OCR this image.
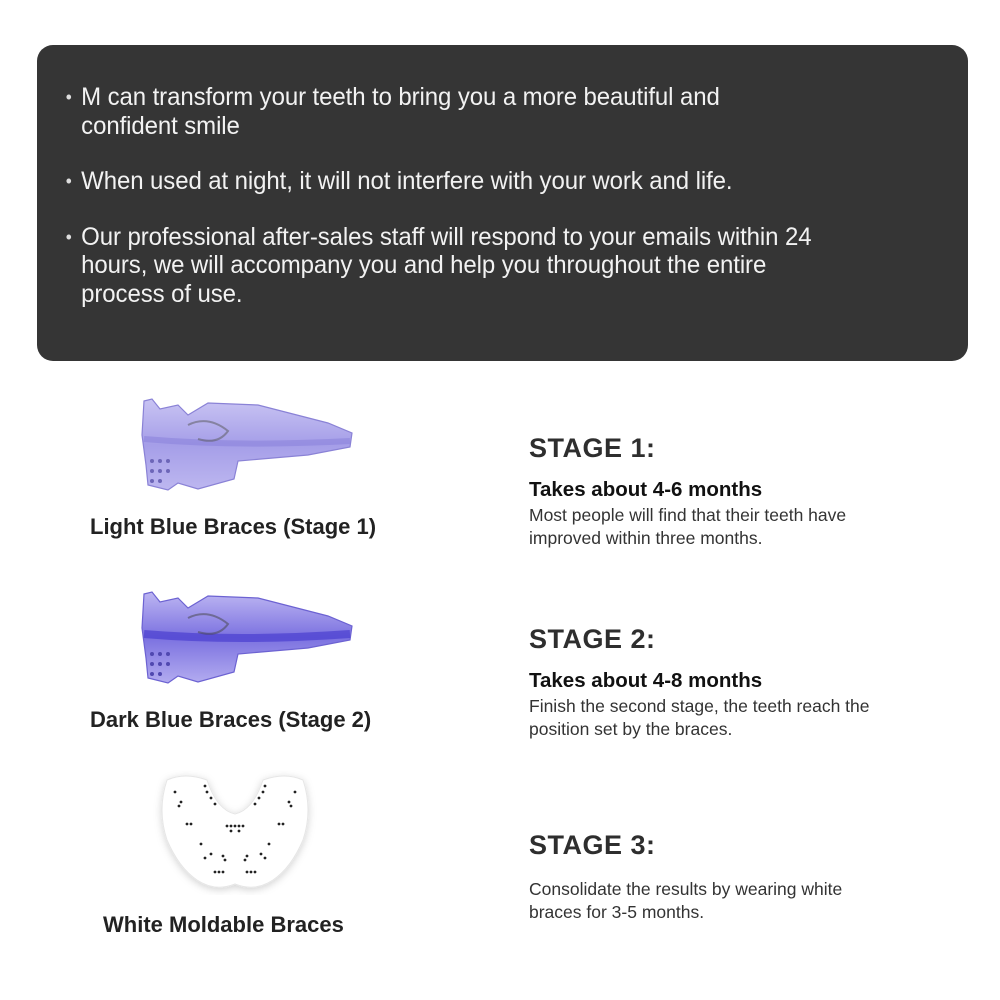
• M can transform your teeth to bring you a more beautiful and
confident smile
• When used at night, it will not interfere with your work and life.
• Our professional after-sales staff will respond to your emails within 24
hours, we will accompany you and help you throughout the entire
process of use.
Light Blue Braces (Stage 1)
Dark Blue Braces (Stage 2)
White Moldable Braces
STAGE 1:
Takes about 4-6 months
Most people will find that their teeth have
improved within three months.
STAGE 2:
Takes about 4-8 months
Finish the second stage, the teeth reach the
position set by the braces.
STAGE 3:
Consolidate the results by wearing white
braces for 3-5 months.
